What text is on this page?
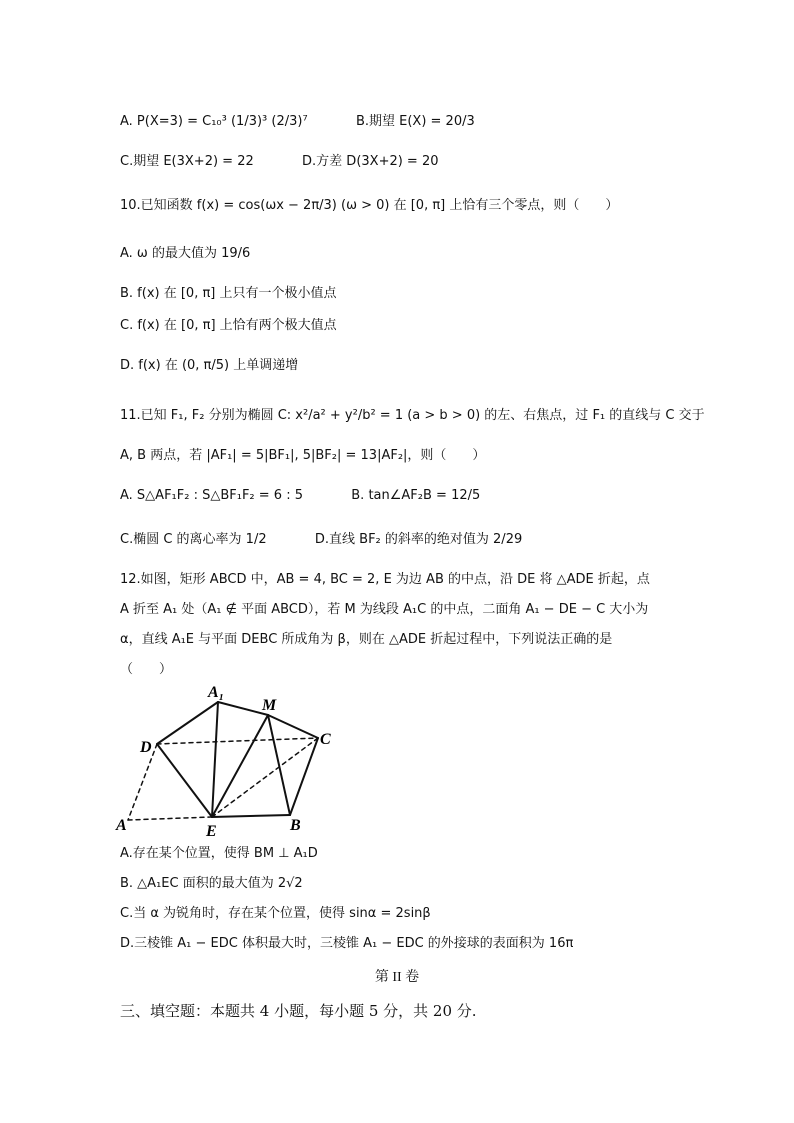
A. P(X=3) = C₁₀³ (1/3)³ (2/3)⁷	B.期望 E(X) = 20/3
C.期望 E(3X+2) = 22	D.方差 D(3X+2) = 20
10.已知函数 f(x) = cos(ωx − 2π/3) (ω > 0) 在 [0, π] 上恰有三个零点，则（　　）
A. ω 的最大值为 19/6
B. f(x) 在 [0, π] 上只有一个极小值点
C. f(x) 在 [0, π] 上恰有两个极大值点
D. f(x) 在 (0, π/5) 上单调递增
11.已知 F₁, F₂ 分别为椭圆 C: x²/a² + y²/b² = 1 (a > b > 0) 的左、右焦点，过 F₁ 的直线与 C 交于
A, B 两点，若 |AF₁| = 5|BF₁|, 5|BF₂| = 13|AF₂|，则（　　）
A. S△AF₁F₂ : S△BF₁F₂ = 6 : 5	B. tan∠AF₂B = 12/5
C.椭圆 C 的离心率为 1/2	D.直线 BF₂ 的斜率的绝对值为 2/29
12.如图，矩形 ABCD 中，AB = 4, BC = 2, E 为边 AB 的中点，沿 DE 将 △ADE 折起，点
A 折至 A₁ 处（A₁ ∉ 平面 ABCD），若 M 为线段 A₁C 的中点，二面角 A₁ − DE − C 大小为
α，直线 A₁E 与平面 DEBC 所成角为 β，则在 △ADE 折起过程中，下列说法正确的是
（　　）
A₁
M
D	C
A	E	B
A.存在某个位置，使得 BM ⊥ A₁D
B. △A₁EC 面积的最大值为 2√2
C.当 α 为锐角时，存在某个位置，使得 sinα = 2sinβ
D.三棱锥 A₁ − EDC 体积最大时，三棱锥 A₁ − EDC 的外接球的表面积为 16π
第 II 卷
三、填空题：本题共 4 小题，每小题 5 分，共 20 分.
